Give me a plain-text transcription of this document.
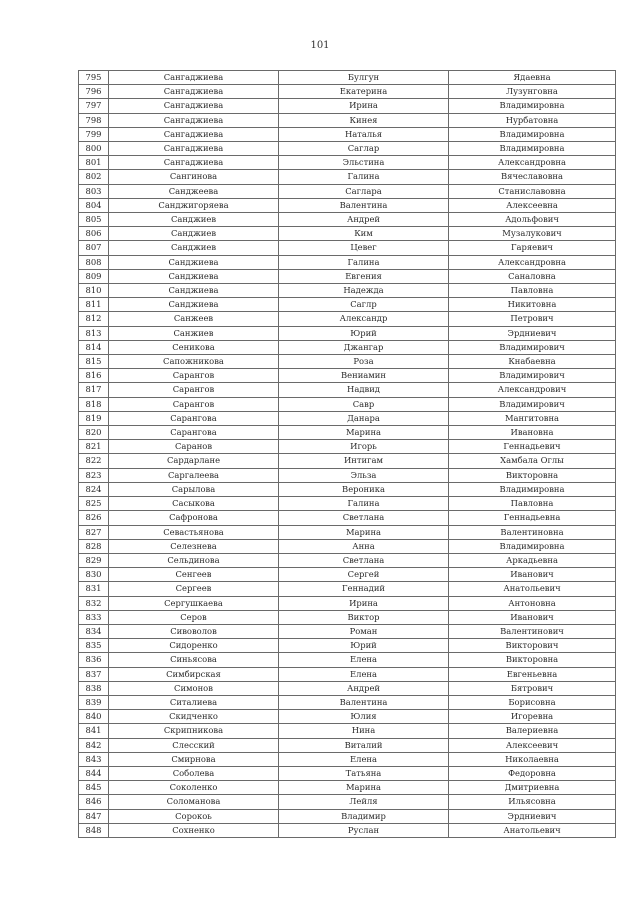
101
795	Сангаджиева	Булгун	Ядаевна
796	Сангаджиева	Екатерина	Лузунговна
797	Сангаджиева	Ирина	Владимировна
798	Сангаджиева	Кинея	Нурбатовна
799	Сангаджиева	Наталья	Владимировна
800	Сангаджиева	Саглар	Владимировна
801	Сангаджиева	Эльстина	Александровна
802	Сангинова	Галина	Вячеславовна
803	Санджеева	Саглара	Станиславовна
804	Санджигоряева	Валентина	Алексеевна
805	Санджиев	Андрей	Адольфович
806	Санджиев	Ким	Музалукович
807	Санджиев	Цевег	Гаряевич
808	Санджиева	Галина	Александровна
809	Санджиева	Евгения	Саналовна
810	Санджиева	Надежда	Павловна
811	Санджиева	Саглр	Никитовна
812	Санжеев	Александр	Петрович
813	Санжиев	Юрий	Эрдниевич
814	Сеникова	Джангар	Владимирович
815	Сапожникова	Роза	Кнабаевна
816	Сарангов	Вениамин	Владимирович
817	Сарангов	Надвид	Александрович
818	Сарангов	Савр	Владимирович
819	Сарангова	Данара	Мангитовна
820	Сарангова	Марина	Ивановна
821	Саранов	Игорь	Геннадьевич
822	Сардарлане	Интигам	Хамбала Оглы
823	Саргалеева	Эльза	Викторовна
824	Сарылова	Вероника	Владимировна
825	Сасыкова	Галина	Павловна
826	Сафронова	Светлана	Геннадьевна
827	Севастьянова	Марина	Валентиновна
828	Селезнева	Анна	Владимировна
829	Сельдинова	Светлана	Аркадьевна
830	Сенгеев	Сергей	Иванович
831	Сергеев	Геннадий	Анатольевич
832	Сергушкаева	Ирина	Антоновна
833	Серов	Виктор	Иванович
834	Сивоволов	Роман	Валентинович
835	Сидоренко	Юрий	Викторович
836	Синьясова	Елена	Викторовна
837	Симбирская	Елена	Евгеньевна
838	Симонов	Андрей	Бятрович
839	Ситалиева	Валентина	Борисовна
840	Скидченко	Юлия	Игоревна
841	Скрипникова	Нина	Валериевна
842	Слесский	Виталий	Алексеевич
843	Смирнова	Елена	Николаевна
844	Соболева	Татьяна	Федоровна
845	Соколенко	Марина	Дмитриевна
846	Соломанова	Лейля	Ильясовна
847	Сорокоь	Владимир	Эрдниевич
848	Сохненко	Руслан	Анатольевич
